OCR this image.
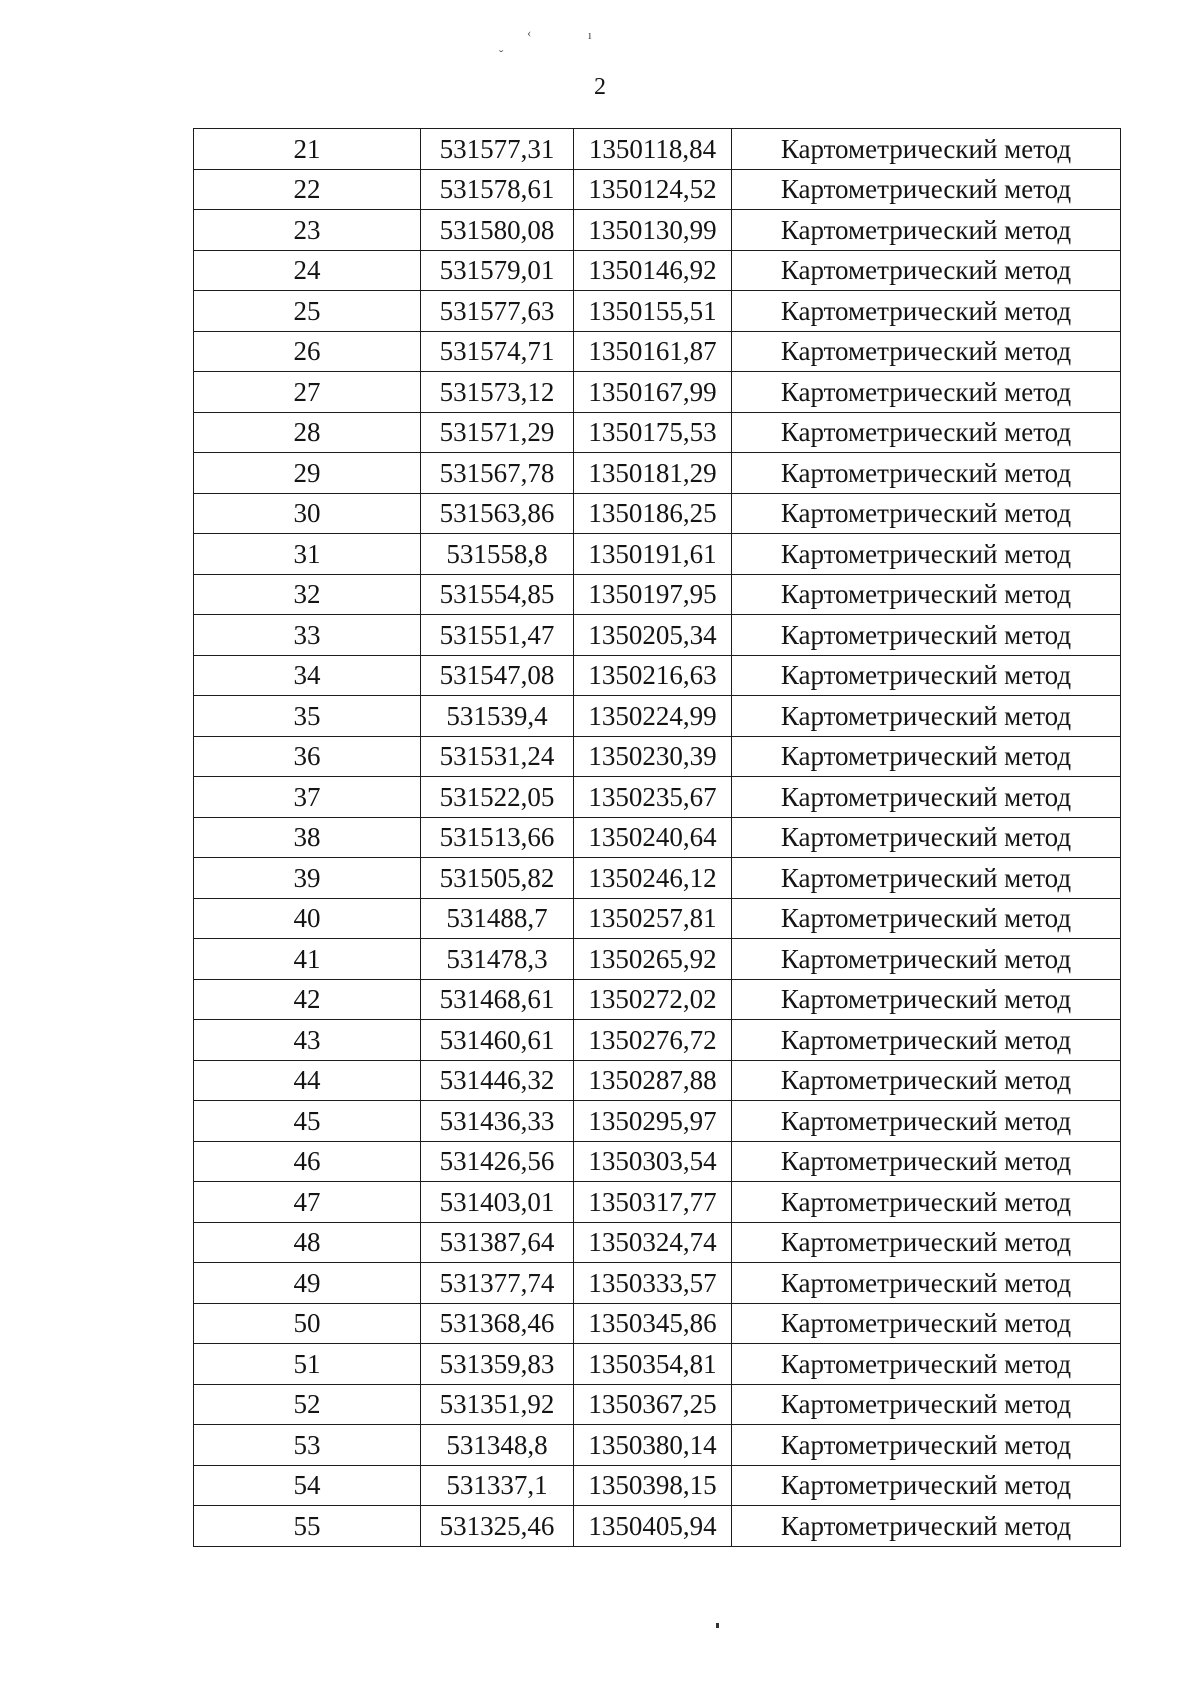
‹	ı
ˇ
2
21	531577,31	1350118,84	Картометрический метод
22	531578,61	1350124,52	Картометрический метод
23	531580,08	1350130,99	Картометрический метод
24	531579,01	1350146,92	Картометрический метод
25	531577,63	1350155,51	Картометрический метод
26	531574,71	1350161,87	Картометрический метод
27	531573,12	1350167,99	Картометрический метод
28	531571,29	1350175,53	Картометрический метод
29	531567,78	1350181,29	Картометрический метод
30	531563,86	1350186,25	Картометрический метод
31	531558,8	1350191,61	Картометрический метод
32	531554,85	1350197,95	Картометрический метод
33	531551,47	1350205,34	Картометрический метод
34	531547,08	1350216,63	Картометрический метод
35	531539,4	1350224,99	Картометрический метод
36	531531,24	1350230,39	Картометрический метод
37	531522,05	1350235,67	Картометрический метод
38	531513,66	1350240,64	Картометрический метод
39	531505,82	1350246,12	Картометрический метод
40	531488,7	1350257,81	Картометрический метод
41	531478,3	1350265,92	Картометрический метод
42	531468,61	1350272,02	Картометрический метод
43	531460,61	1350276,72	Картометрический метод
44	531446,32	1350287,88	Картометрический метод
45	531436,33	1350295,97	Картометрический метод
46	531426,56	1350303,54	Картометрический метод
47	531403,01	1350317,77	Картометрический метод
48	531387,64	1350324,74	Картометрический метод
49	531377,74	1350333,57	Картометрический метод
50	531368,46	1350345,86	Картометрический метод
51	531359,83	1350354,81	Картометрический метод
52	531351,92	1350367,25	Картометрический метод
53	531348,8	1350380,14	Картометрический метод
54	531337,1	1350398,15	Картометрический метод
55	531325,46	1350405,94	Картометрический метод
